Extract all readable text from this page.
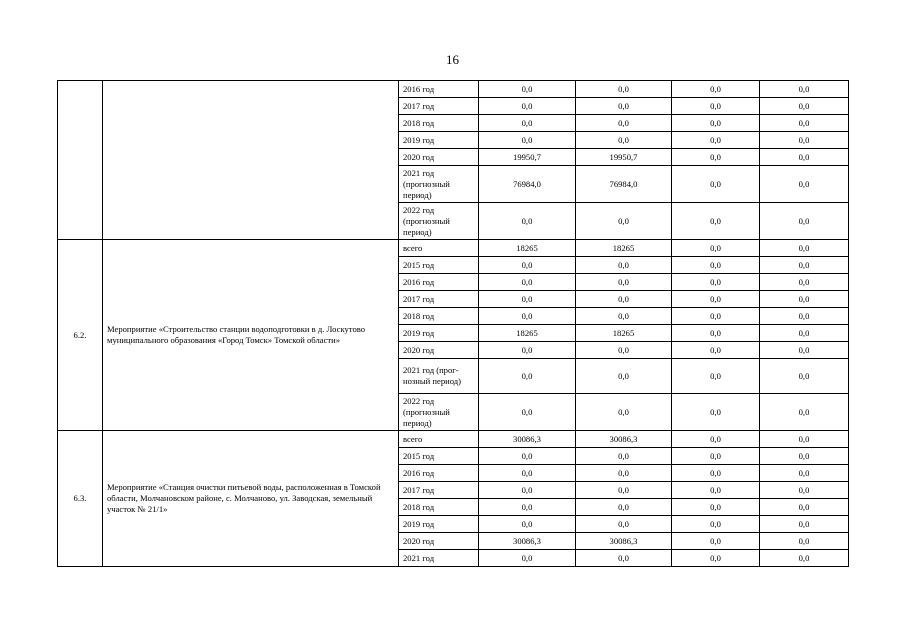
16
		2016 год	0,0	0,0	0,0	0,0
		2017 год	0,0	0,0	0,0	0,0
		2018 год	0,0	0,0	0,0	0,0
		2019 год	0,0	0,0	0,0	0,0
		2020 год	19950,7	19950,7	0,0	0,0
		2021 год (прогнозный период)	76984,0	76984,0	0,0	0,0
		2022 год (прогнозный период)	0,0	0,0	0,0	0,0
6.2.	Мероприятие «Строительство станции водоподготовки в д. Лоскутово муниципального образования «Город Томск» Томской области»	всего	18265	18265	0,0	0,0
		2015 год	0,0	0,0	0,0	0,0
		2016 год	0,0	0,0	0,0	0,0
		2017 год	0,0	0,0	0,0	0,0
		2018 год	0,0	0,0	0,0	0,0
		2019 год	18265	18265	0,0	0,0
		2020 год	0,0	0,0	0,0	0,0
		2021 год (прог-нозный период)	0,0	0,0	0,0	0,0
		2022 год (прогнозный период)	0,0	0,0	0,0	0,0
6.3.	Мероприятие «Станция очистки питьевой воды, расположенная в Томской области, Молчановском районе, с. Молчаново, ул. Заводская, земельный участок № 21/1»	всего	30086,3	30086,3	0,0	0,0
		2015 год	0,0	0,0	0,0	0,0
		2016 год	0,0	0,0	0,0	0,0
		2017 год	0,0	0,0	0,0	0,0
		2018 год	0,0	0,0	0,0	0,0
		2019 год	0,0	0,0	0,0	0,0
		2020 год	30086,3	30086,3	0,0	0,0
		2021 год	0,0	0,0	0,0	0,0
